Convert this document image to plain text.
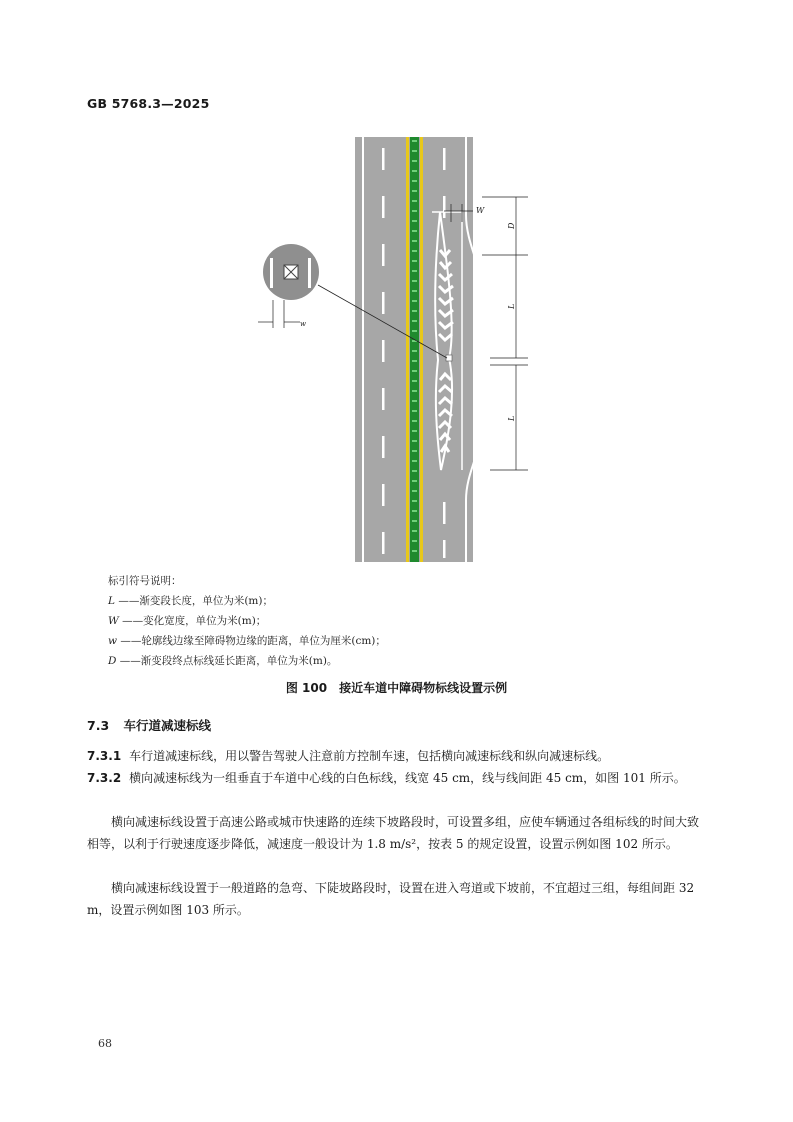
GB 5768.3—2025
w
W
D
L
L
标引符号说明：
L ——渐变段长度，单位为米(m)；
W ——变化宽度，单位为米(m)；
w ——轮廓线边缘至障碍物边缘的距离，单位为厘米(cm)；
D ——渐变段终点标线延长距离，单位为米(m)。
图 100　接近车道中障碍物标线设置示例
7.3 车行道减速标线
7.3.1 车行道减速标线，用以警告驾驶人注意前方控制车速，包括横向减速标线和纵向减速标线。
7.3.2 横向减速标线为一组垂直于车道中心线的白色标线，线宽 45 cm，线与线间距 45 cm，如图 101 所示。
横向减速标线设置于高速公路或城市快速路的连续下坡路段时，可设置多组，应使车辆通过各组标线的时间大致相等，以利于行驶速度逐步降低，减速度一般设计为 1.8 m/s²，按表 5 的规定设置，设置示例如图 102 所示。
横向减速标线设置于一般道路的急弯、下陡坡路段时，设置在进入弯道或下坡前，不宜超过三组，每组间距 32 m，设置示例如图 103 所示。
68
